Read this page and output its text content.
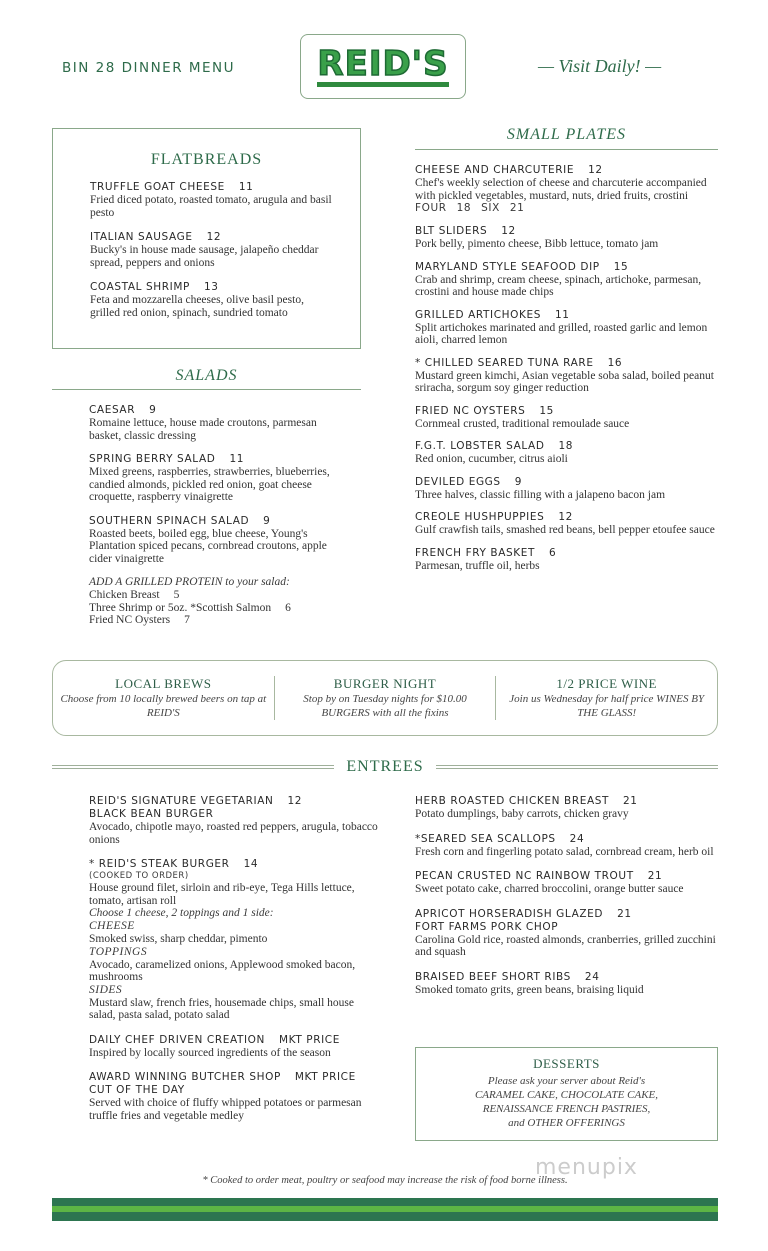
BIN 28 DINNER MENU REID'S	— Visit Daily! —
FLATBREADS
TRUFFLE GOAT CHEESE 11
Fried diced potato, roasted tomato, arugula and basil pesto
ITALIAN SAUSAGE 12
Bucky's in house made sausage, jalapeño cheddar spread, peppers and onions
COASTAL SHRIMP 13
Feta and mozzarella cheeses, olive basil pesto, grilled red onion, spinach, sundried tomato
SALADS
CAESAR 9
Romaine lettuce, house made croutons, parmesan basket, classic dressing
SPRING BERRY SALAD 11
Mixed greens, raspberries, strawberries, blueberries, candied almonds, pickled red onion, goat cheese croquette, raspberry vinaigrette
SOUTHERN SPINACH SALAD 9
Roasted beets, boiled egg, blue cheese, Young's Plantation spiced pecans, cornbread croutons, apple cider vinaigrette
ADD A GRILLED PROTEIN to your salad:
Chicken Breast 5
Three Shrimp or 5oz. *Scottish Salmon 6
Fried NC Oysters 7
SMALL PLATES
CHEESE AND CHARCUTERIE 12
Chef's weekly selection of cheese and charcuterie accompanied with pickled vegetables, mustard, nuts, dried fruits, crostini
FOUR 18 SIX 21
BLT SLIDERS 12
Pork belly, pimento cheese, Bibb lettuce, tomato jam
MARYLAND STYLE SEAFOOD DIP 15
Crab and shrimp, cream cheese, spinach, artichoke, parmesan, crostini and house made chips
GRILLED ARTICHOKES 11
Split artichokes marinated and grilled, roasted garlic and lemon aioli, charred lemon
* CHILLED SEARED TUNA RARE 16
Mustard green kimchi, Asian vegetable soba salad, boiled peanut sriracha, sorgum soy ginger reduction
FRIED NC OYSTERS 15
Cornmeal crusted, traditional remoulade sauce
F.G.T. LOBSTER SALAD 18
Red onion, cucumber, citrus aioli
DEVILED EGGS 9
Three halves, classic filling with a jalapeno bacon jam
CREOLE HUSHPUPPIES 12
Gulf crawfish tails, smashed red beans, bell pepper etoufee sauce
FRENCH FRY BASKET 6
Parmesan, truffle oil, herbs
LOCAL BREWS
Choose from 10 locally brewed beers on tap at REID'S
BURGER NIGHT
Stop by on Tuesday nights for $10.00 BURGERS with all the fixins
1/2 PRICE WINE
Join us Wednesday for half price WINES BY THE GLASS!
ENTREES
REID'S SIGNATURE VEGETARIAN 12
BLACK BEAN BURGER
Avocado, chipotle mayo, roasted red peppers, arugula, tobacco onions
* REID'S STEAK BURGER 14
(COOKED TO ORDER)
House ground filet, sirloin and rib-eye, Tega Hills lettuce, tomato, artisan roll
Choose 1 cheese, 2 toppings and 1 side:
CHEESE
Smoked swiss, sharp cheddar, pimento
TOPPINGS
Avocado, caramelized onions, Applewood smoked bacon, mushrooms
SIDES
Mustard slaw, french fries, housemade chips, small house salad, pasta salad, potato salad
DAILY CHEF DRIVEN CREATION MKT PRICE
Inspired by locally sourced ingredients of the season
AWARD WINNING BUTCHER SHOP MKT PRICE
CUT OF THE DAY
Served with choice of fluffy whipped potatoes or parmesan truffle fries and vegetable medley
HERB ROASTED CHICKEN BREAST 21
Potato dumplings, baby carrots, chicken gravy
*SEARED SEA SCALLOPS 24
Fresh corn and fingerling potato salad, cornbread cream, herb oil
PECAN CRUSTED NC RAINBOW TROUT 21
Sweet potato cake, charred broccolini, orange butter sauce
APRICOT HORSERADISH GLAZED 21
FORT FARMS PORK CHOP
Carolina Gold rice, roasted almonds, cranberries, grilled zucchini and squash
BRAISED BEEF SHORT RIBS 24
Smoked tomato grits, green beans, braising liquid
DESSERTS
Please ask your server about Reid's
CARAMEL CAKE, CHOCOLATE CAKE,
RENAISSANCE FRENCH PASTRIES,
and OTHER OFFERINGS
menupix
* Cooked to order meat, poultry or seafood may increase the risk of food borne illness.
